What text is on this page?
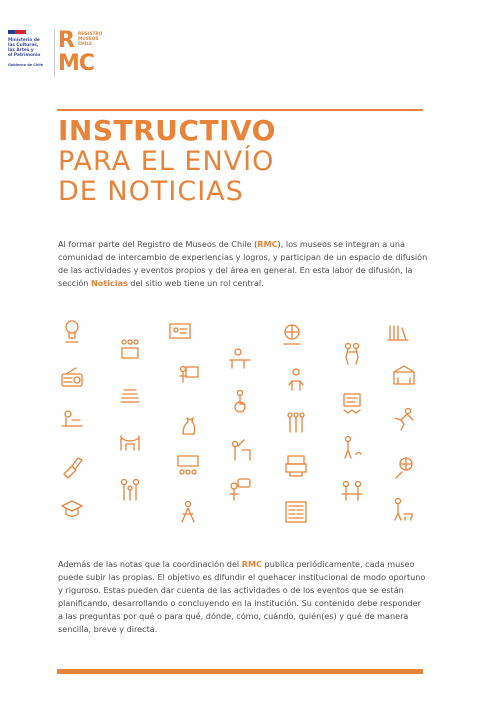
Ministerio de
las Culturas,
las Artes y
el Patrimonio
Gobierno de Chile
R
MC
REGISTRO
MUSEOS
CHILE
INSTRUCTIVO
PARA EL ENVÍO
DE NOTICIAS
Al formar parte del Registro de Museos de Chile (RMC), los museos se integran a una comunidad de intercambio de experiencias y logros, y participan de un espacio de difusión de las actividades y eventos propios y del área en general. En esta labor de difusión, la sección Noticias del sitio web tiene un rol central.
Además de las notas que la coordinación del RMC publica periódicamente, cada museo puede subir las propias. El objetivo es difundir el quehacer institucional de modo oportuno y riguroso. Estas pueden dar cuenta de las actividades o de los eventos que se están planificando, desarrollando o concluyendo en la institución. Su contenido debe responder a las preguntas por qué o para qué, dónde, cómo, cuándo, quién(es) y qué de manera sencilla, breve y directa.
